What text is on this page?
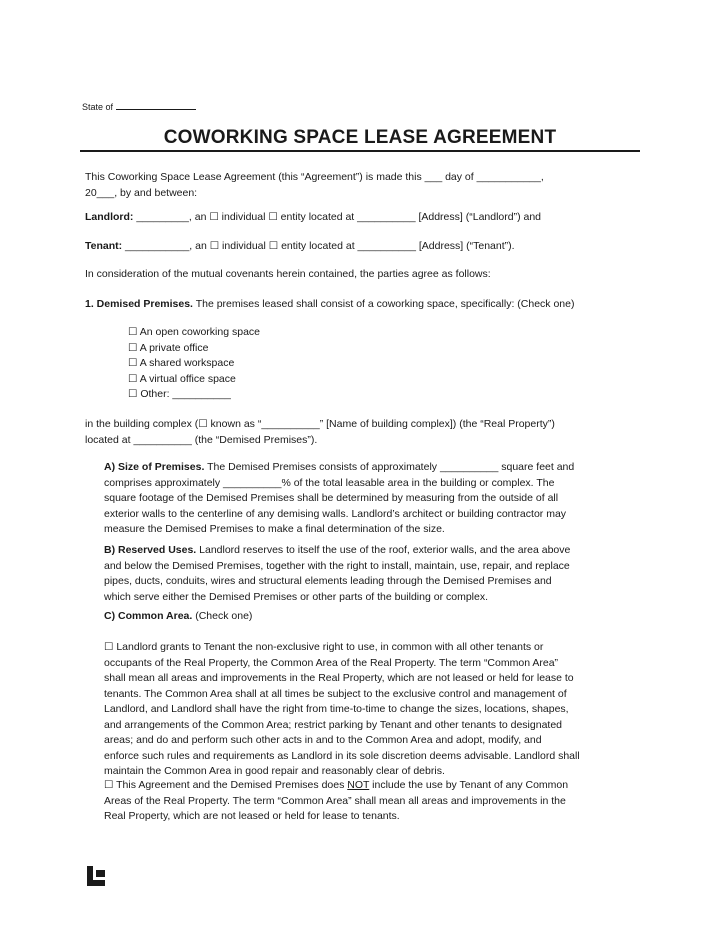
State of
COWORKING SPACE LEASE AGREEMENT
This Coworking Space Lease Agreement (this “Agreement”) is made this ___ day of ___________,
20___, by and between:
Landlord: _________, an ☐ individual ☐ entity located at __________ [Address] (“Landlord”) and
Tenant: ___________, an ☐ individual ☐ entity located at __________ [Address] (“Tenant”).
In consideration of the mutual covenants herein contained, the parties agree as follows:
1. Demised Premises. The premises leased shall consist of a coworking space, specifically: (Check one)
☐ An open coworking space
☐ A private office
☐ A shared workspace
☐ A virtual office space
☐ Other: __________
in the building complex (☐ known as “__________” [Name of building complex]) (the “Real Property”)
located at __________ (the “Demised Premises”).
A) Size of Premises. The Demised Premises consists of approximately __________ square feet and
comprises approximately __________% of the total leasable area in the building or complex. The
square footage of the Demised Premises shall be determined by measuring from the outside of all
exterior walls to the centerline of any demising walls. Landlord’s architect or building contractor may
measure the Demised Premises to make a final determination of the size.
B) Reserved Uses. Landlord reserves to itself the use of the roof, exterior walls, and the area above
and below the Demised Premises, together with the right to install, maintain, use, repair, and replace
pipes, ducts, conduits, wires and structural elements leading through the Demised Premises and
which serve either the Demised Premises or other parts of the building or complex.
C) Common Area. (Check one)
☐ Landlord grants to Tenant the non-exclusive right to use, in common with all other tenants or
occupants of the Real Property, the Common Area of the Real Property. The term “Common Area”
shall mean all areas and improvements in the Real Property, which are not leased or held for lease to
tenants. The Common Area shall at all times be subject to the exclusive control and management of
Landlord, and Landlord shall have the right from time-to-time to change the sizes, locations, shapes,
and arrangements of the Common Area; restrict parking by Tenant and other tenants to designated
areas; and do and perform such other acts in and to the Common Area and adopt, modify, and
enforce such rules and requirements as Landlord in its sole discretion deems advisable. Landlord shall
maintain the Common Area in good repair and reasonably clear of debris.
☐ This Agreement and the Demised Premises does NOT include the use by Tenant of any Common
Areas of the Real Property. The term “Common Area” shall mean all areas and improvements in the
Real Property, which are not leased or held for lease to tenants.
